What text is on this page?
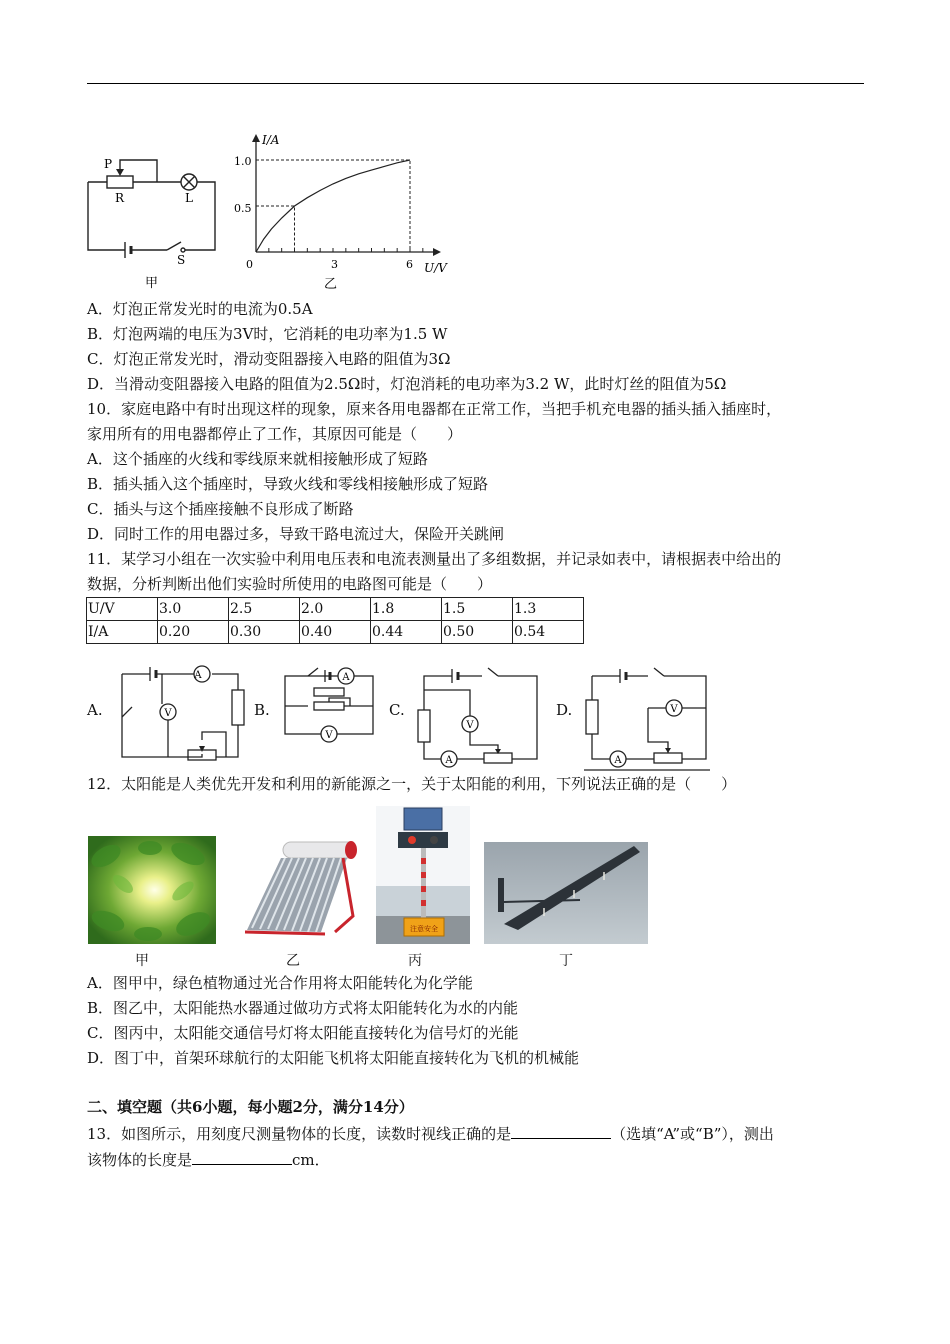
P
R	L
S
甲
I/A
U/V
1.0
0.5
0	3	6
乙
A．灯泡正常发光时的电流为0.5A
B．灯泡两端的电压为3V时，它消耗的电功率为1.5 W
C．灯泡正常发光时，滑动变阻器接入电路的阻值为3Ω
D．当滑动变阻器接入电路的阻值为2.5Ω时，灯泡消耗的电功率为3.2 W，此时灯丝的阻值为5Ω
10．家庭电路中有时出现这样的现象，原来各用电器都在正常工作，当把手机充电器的插头插入插座时，
家用所有的用电器都停止了工作，其原因可能是（　　）
A．这个插座的火线和零线原来就相接触形成了短路
B．插头插入这个插座时，导致火线和零线相接触形成了短路
C．插头与这个插座接触不良形成了断路
D．同时工作的用电器过多，导致干路电流过大，保险开关跳闸
11．某学习小组在一次实验中利用电压表和电流表测量出了多组数据，并记录如表中，请根据表中给出的
数据，分析判断出他们实验时所使用的电路图可能是（　　）
U/V	3.0	2.5	2.0	1.8	1.5	1.3
I/A	0.20	0.30	0.40	0.44	0.50	0.54
A.
A
V	B.
A
V
C.
A
V
D.
A
V
12．太阳能是人类优先开发和利用的新能源之一，关于太阳能的利用，下列说法正确的是（　　）
注意安全
甲	乙	丙	丁
A．图甲中，绿色植物通过光合作用将太阳能转化为化学能
B．图乙中，太阳能热水器通过做功方式将太阳能转化为水的内能
C．图丙中，太阳能交通信号灯将太阳能直接转化为信号灯的光能
D．图丁中，首架环球航行的太阳能飞机将太阳能直接转化为飞机的机械能
二、填空题（共6小题，每小题2分，满分14分）
13．如图所示，用刻度尺测量物体的长度，读数时视线正确的是	（选填“A”或“B”），测出
该物体的长度是	cm．
